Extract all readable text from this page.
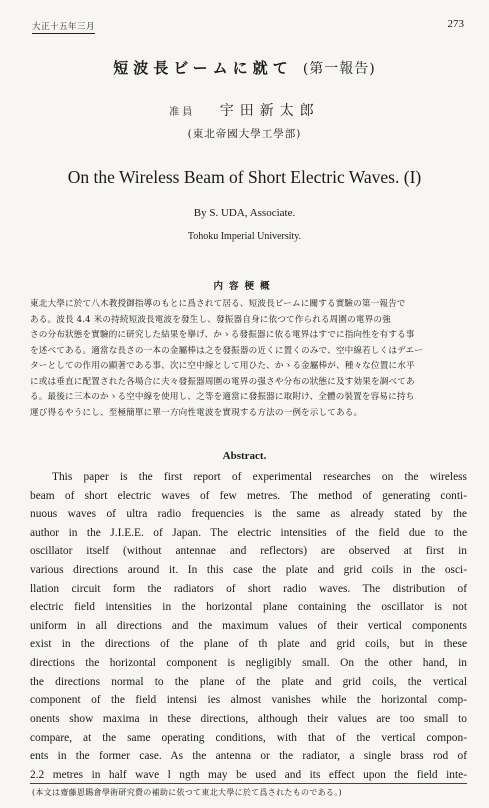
大正十五年三月	273
短波長ビームに就て (第一報告)
准員 宇田新太郎
(東北帝國大學工學部)
On the Wireless Beam of Short Electric Waves. (I)
By S. UDA, Associate.
Tohoku Imperial University.
内容梗概
東北大學に於て八木教授御指導のもとに爲されて居る、短波長ビームに關する實驗の第一報告で
ある。波長 4.4 米の持続短波長電波を發生し、發振器自身に依つて作られる周圍の電界の強
さの分布狀態を實驗的に研究した結果を擧げ、かゝる發振器に依る電界はすでに指向性を有する事
を述べてある。適當な長さの一本の金屬棒は之を發振器の近くに置くのみで、空中線若しくはデエー
ターとしての作用の顯著である事、次に空中線として用ひた、かゝる金屬棒が、種々な位置に水平
に或は垂直に配置された各場合に夫々發振器周圍の電界の强さや分布の狀態に及す効果を調べてあ
る。最後に三本のかゝる空中線を使用し、之等を適當に發振器に取附け、全體の裝置を容易に持ち
運び得るやうにし、至極簡單に單一方向性電波を實現する方法の一例を示してある。
Abstract.
This paper is the first report of experimental researches on the wireless
beam of short electric waves of few metres. The method of generating conti-
nuous waves of ultra radio frequencies is the same as already stated by the
author in the J.I.E.E. of Japan. The electric intensities of the field due to the
oscillator itself (without antennae and reflectors) are observed at first in
various directions around it. In this case the plate and grid coils in the osci-
llation circuit form the radiators of short radio waves. The distribution of
electric field intensities in the horizontal plane containing the oscillator is not
uniform in all directions and the maximum values of their vertical components
exist in the directions of the plane of th plate and grid coils, but in these
directions the horizontal component is negligibly small. On the other hand, in
the directions normal to the plane of the plate and grid coils, the vertical
component of the field intensi ies almost vanishes while the horizontal comp-
onents show maxima in these directions, although their values are too small to
compare, at the same operating conditions, with that of the vertical compon-
ents in the former case. As the antenna or the radiator, a single brass rod of
2.2 metres in half wave l ngth may be used and its effect upon the field inte-
(本文は齋藤恩賜會學術研究費の補助に依つて東北大學に於て爲されたものである。)
